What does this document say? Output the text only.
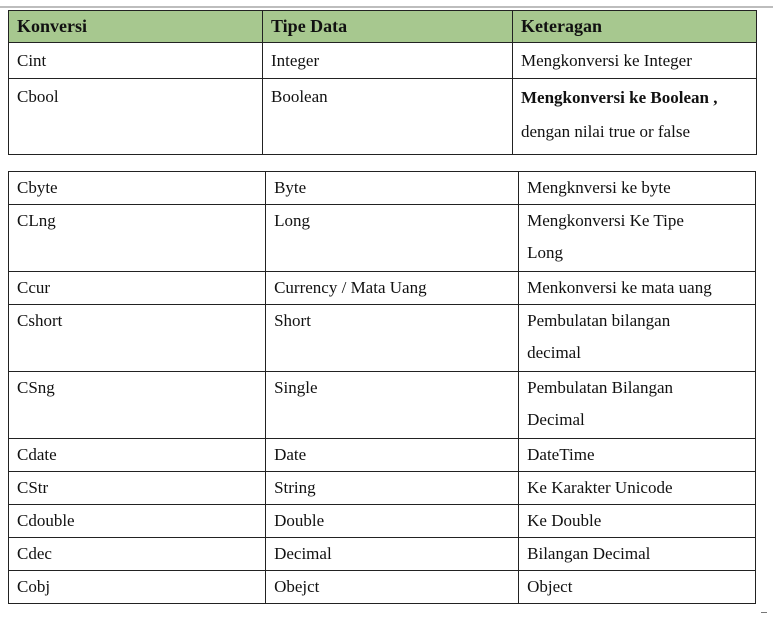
Konversi	Tipe Data	Keteragan
Cint	Integer	Mengkonversi ke Integer
Cbool	Boolean	Mengkonversi ke Boolean ,
dengan nilai true or false
Cbyte	Byte	Mengknversi ke byte
CLng	Long	Mengkonversi Ke Tipe
Long

Ccur	Currency / Mata Uang	Menkonversi ke mata uang
Cshort	Short	Pembulatan bilangan
decimal

CSng	Single	Pembulatan Bilangan
Decimal

Cdate	Date	DateTime
CStr	String	Ke Karakter Unicode
Cdouble	Double	Ke Double
Cdec	Decimal	Bilangan Decimal
Cobj	Obejct	Object
